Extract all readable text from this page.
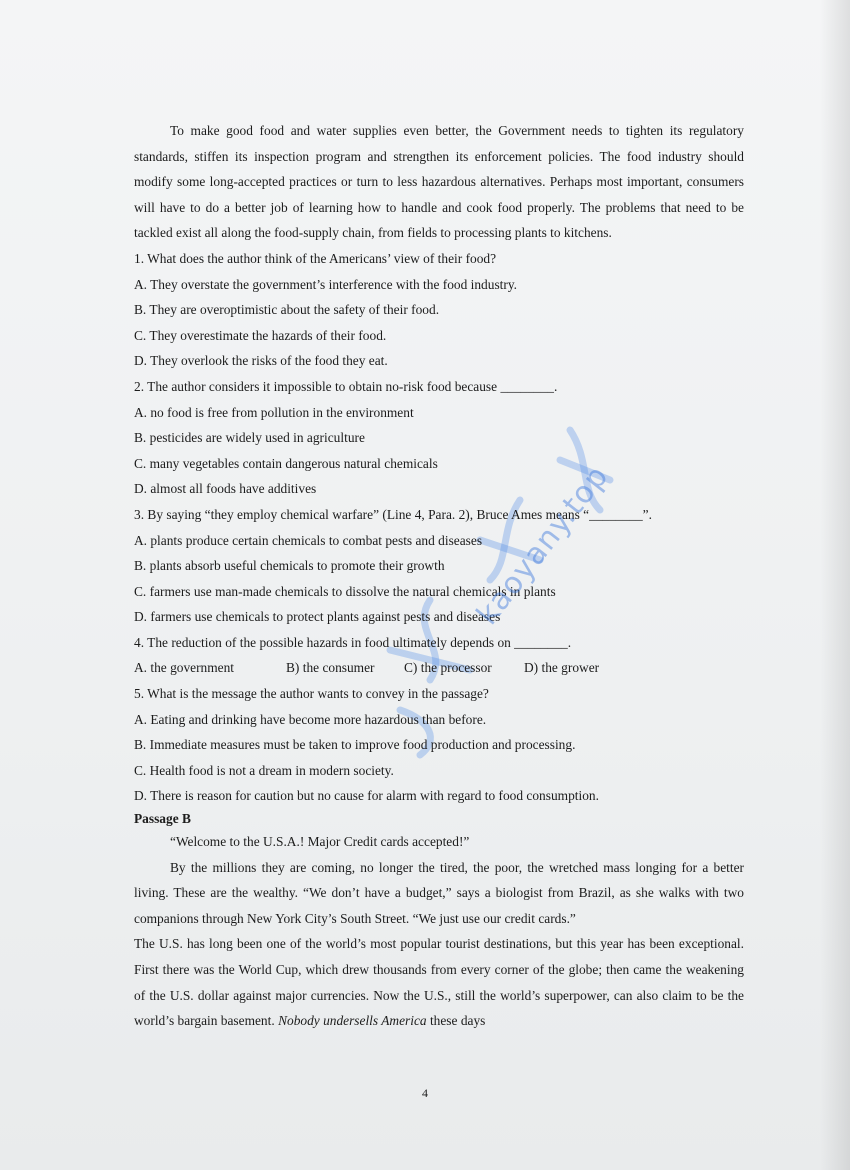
To make good food and water supplies even better, the Government needs to tighten its regulatory standards, stiffen its inspection program and strengthen its enforcement policies. The food industry should modify some long-accepted practices or turn to less hazardous alternatives. Perhaps most important, consumers will have to do a better job of learning how to handle and cook food properly. The problems that need to be tackled exist all along the food-supply chain, from fields to processing plants to kitchens.

1. What does the author think of the Americans’ view of their food?

A. They overstate the government’s interference with the food industry.

B. They are overoptimistic about the safety of their food.

C. They overestimate the hazards of their food.

D. They overlook the risks of the food they eat.

2. The author considers it impossible to obtain no-risk food because ________.

A. no food is free from pollution in the environment

B. pesticides are widely used in agriculture

C. many vegetables contain dangerous natural chemicals

D. almost all foods have additives

3. By saying “they employ chemical warfare” (Line 4, Para. 2), Bruce Ames means “________”.

A. plants produce certain chemicals to combat pests and diseases

B. plants absorb useful chemicals to promote their growth

C. farmers use man-made chemicals to dissolve the natural chemicals in plants

D. farmers use chemicals to protect plants against pests and diseases

4. The reduction of the possible hazards in food ultimately depends on ________.

A. the government	B) the consumer	C) the processor	D) the grower

5. What is the message the author wants to convey in the passage?

A. Eating and drinking have become more hazardous than before.

B. Immediate measures must be taken to improve food production and processing.

C. Health food is not a dream in modern society.

D. There is reason for caution but no cause for alarm with regard to food consumption.

Passage B

“Welcome to the U.S.A.! Major Credit cards accepted!”

By the millions they are coming, no longer the tired, the poor, the wretched mass longing for a better living. These are the wealthy. “We don’t have a budget,” says a biologist from Brazil, as she walks with two companions through New York City’s South Street. “We just use our credit cards.”

The U.S. has long been one of the world’s most popular tourist destinations, but this year has been exceptional. First there was the World Cup, which drew thousands from every corner of the globe; then came the weakening of the U.S. dollar against major currencies. Now the U.S., still the world’s superpower, can also claim to be the world’s bargain basement. Nobody undersells America these days

kaoyany.top
4
